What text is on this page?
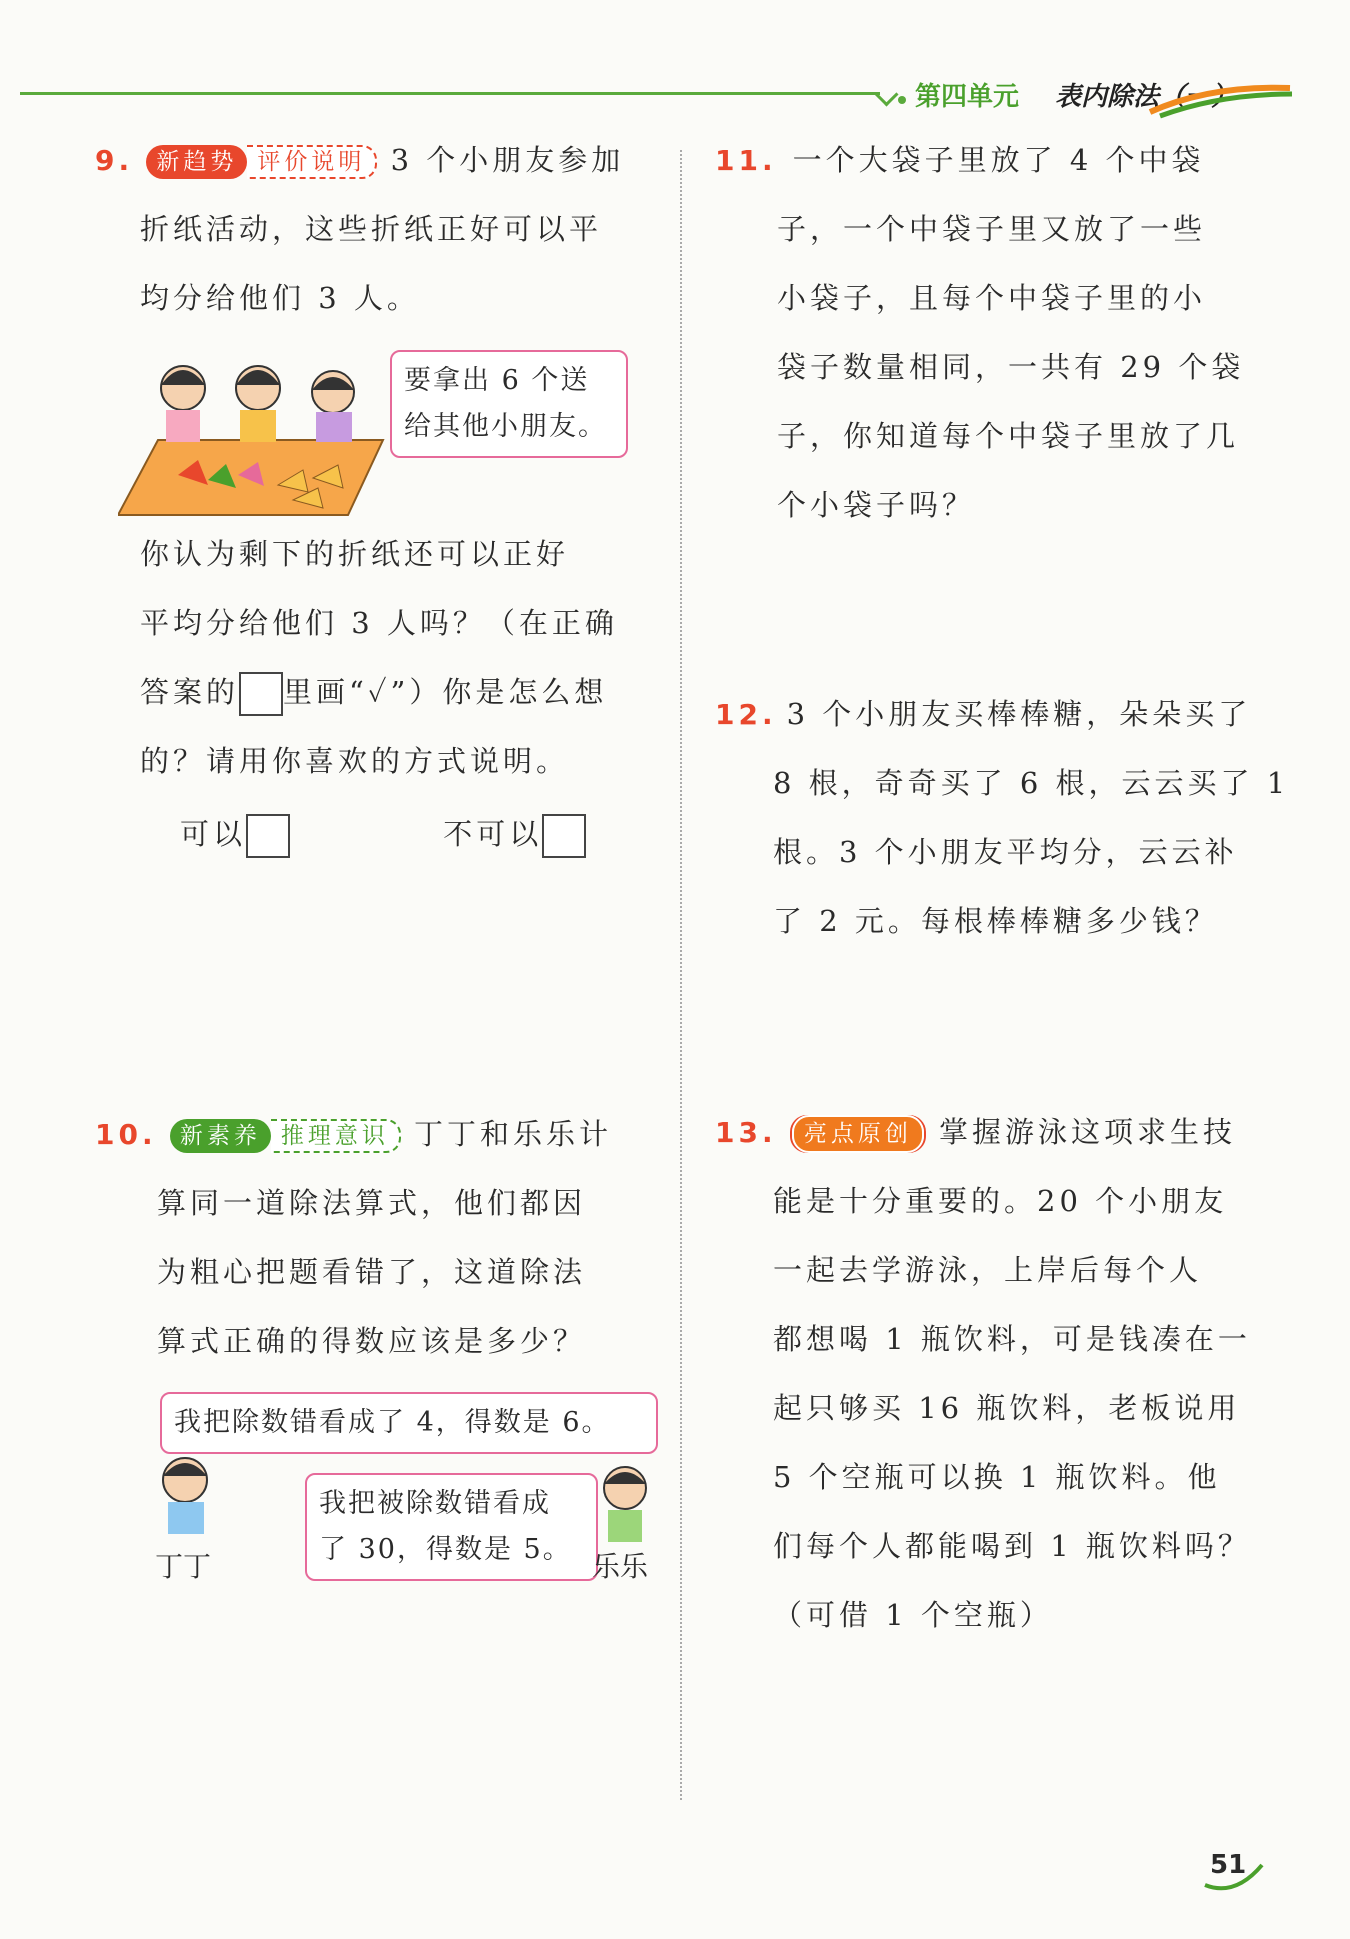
第四单元 表内除法（一）
9.	新趋势 评价说明 3 个小朋友参加
折纸活动，这些折纸正好可以平
均分给他们 3 人。
要拿出 6 个送
给其他小朋友。
你认为剩下的折纸还可以正好
平均分给他们 3 人吗？（在正确
答案的 里画“✓”）你是怎么想
的？请用你喜欢的方式说明。
可以	不可以
10.	新素养 推理意识 丁丁和乐乐计
算同一道除法算式，他们都因
为粗心把题看错了，这道除法
算式正确的得数应该是多少？
我把除数错看成了 4，得数是 6。
丁丁
我把被除数错看成
了 30，得数是 5。
乐乐
11. 一个大袋子里放了 4 个中袋
子，一个中袋子里又放了一些
小袋子，且每个中袋子里的小
袋子数量相同，一共有 29 个袋
子，你知道每个中袋子里放了几
个小袋子吗？
12. 3 个小朋友买棒棒糖，朵朵买了
8 根，奇奇买了 6 根，云云买了 1
根。3 个小朋友平均分，云云补
了 2 元。每根棒棒糖多少钱？
13.	亮点原创 掌握游泳这项求生技
能是十分重要的。20 个小朋友
一起去学游泳，上岸后每个人
都想喝 1 瓶饮料，可是钱凑在一
起只够买 16 瓶饮料，老板说用
5 个空瓶可以换 1 瓶饮料。他
们每个人都能喝到 1 瓶饮料吗？
（可借 1 个空瓶）
51
